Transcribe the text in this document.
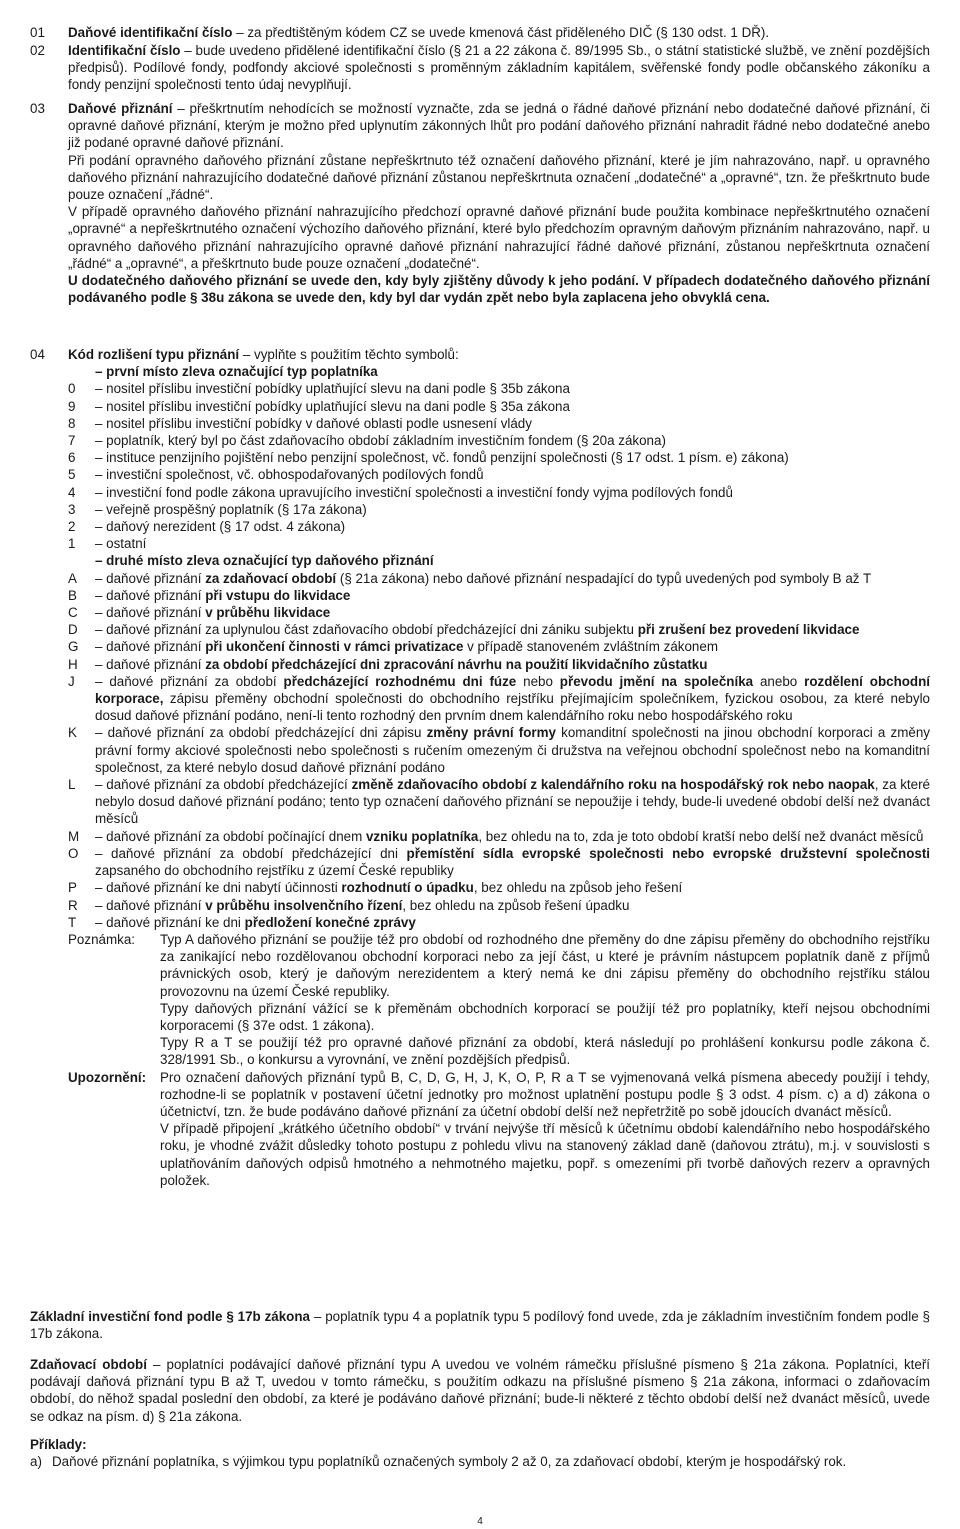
01	Daňové identifikační číslo – za předtištěným kódem CZ se uvede kmenová část přiděleného DIČ (§ 130 odst. 1 DŘ).

02	Identifikační číslo – bude uvedeno přidělené identifikační číslo (§ 21 a 22 zákona č. 89/1995 Sb., o státní statistické službě, ve znění pozdějších předpisů). Podílové fondy, podfondy akciové společnosti s proměnným základním kapitálem, svěřenské fondy podle občanského zákoníku a fondy penzijní společnosti tento údaj nevyplňují.

03	Daňové přiznání – přeškrtnutím nehodících se možností vyznačte, zda se jedná o řádné daňové přiznání nebo dodatečné daňové přiznání, či opravné daňové přiznání, kterým je možno před uplynutím zákonných lhůt pro podání daňového přiznání nahradit řádné nebo dodatečné anebo již podané opravné daňové přiznání.

Při podání opravného daňového přiznání zůstane nepřeškrtnuto též označení daňového přiznání, které je jím nahrazováno, např. u opravného daňového přiznání nahrazujícího dodatečné daňové přiznání zůstanou nepřeškrtnuta označení „dodatečné“ a „opravné“, tzn. že přeškrtnuto bude pouze označení „řádné“.

V případě opravného daňového přiznání nahrazujícího předchozí opravné daňové přiznání bude použita kombinace nepřeškrtnutého označení „opravné“ a nepřeškrtnutého označení výchozího daňového přiznání, které bylo předchozím opravným daňovým přiznáním nahrazováno, např. u opravného daňového přiznání nahrazujícího opravné daňové přiznání nahrazující řádné daňové přiznání, zůstanou nepřeškrtnuta označení „řádné“ a „opravné“, a přeškrtnuto bude pouze označení „dodatečné“.

U dodatečného daňového přiznání se uvede den, kdy byly zjištěny důvody k jeho podání. V případech dodatečného daňového přiznání podávaného podle § 38u zákona se uvede den, kdy byl dar vydán zpět nebo byla zaplacena jeho obvyklá cena.

04	Kód rozlišení typu přiznání – vyplňte s použitím těchto symbolů:

– první místo zleva označující typ poplatníka

0	– nositel příslibu investiční pobídky uplatňující slevu na dani podle § 35b zákona
9	– nositel příslibu investiční pobídky uplatňující slevu na dani podle § 35a zákona
8	– nositel příslibu investiční pobídky v daňové oblasti podle usnesení vlády
7	– poplatník, který byl po část zdaňovacího období základním investičním fondem (§ 20a zákona)
6	– instituce penzijního pojištění nebo penzijní společnost, vč. fondů penzijní společnosti (§ 17 odst. 1 písm. e) zákona)
5	– investiční společnost, vč. obhospodařovaných podílových fondů
4	– investiční fond podle zákona upravujícího investiční společnosti a investiční fondy vyjma podílových fondů
3	– veřejně prospěšný poplatník (§ 17a zákona)
2	– daňový nerezident (§ 17 odst. 4 zákona)
1	– ostatní

– druhé místo zleva označující typ daňového přiznání

A	– daňové přiznání za zdaňovací období (§ 21a zákona) nebo daňové přiznání nespadající do typů uvedených pod symboly B až T
B	– daňové přiznání při vstupu do likvidace
C	– daňové přiznání v průběhu likvidace
D	– daňové přiznání za uplynulou část zdaňovacího období předcházející dni zániku subjektu při zrušení bez provedení likvidace
G	– daňové přiznání při ukončení činnosti v rámci privatizace v případě stanoveném zvláštním zákonem
H	– daňové přiznání za období předcházející dni zpracování návrhu na použití likvidačního zůstatku
J	– daňové přiznání za období předcházející rozhodnému dni fúze nebo převodu jmění na společníka anebo rozdělení obchodní korporace, zápisu přeměny obchodní společnosti do obchodního rejstříku přejímajícím společníkem, fyzickou osobou, za které nebylo dosud daňové přiznání podáno, není-li tento rozhodný den prvním dnem kalendářního roku nebo hospodářského roku
K	– daňové přiznání za období předcházející dni zápisu změny právní formy komanditní společnosti na jinou obchodní korporaci a změny právní formy akciové společnosti nebo společnosti s ručením omezeným či družstva na veřejnou obchodní společnost nebo na komanditní společnost, za které nebylo dosud daňové přiznání podáno
L	– daňové přiznání za období předcházející změně zdaňovacího období z kalendářního roku na hospodářský rok nebo naopak, za které nebylo dosud daňové přiznání podáno; tento typ označení daňového přiznání se nepoužije i tehdy, bude-li uvedené období delší než dvanáct měsíců
M	– daňové přiznání za období počínající dnem vzniku poplatníka, bez ohledu na to, zda je toto období kratší nebo delší než dvanáct měsíců
O	– daňové přiznání za období předcházející dni přemístění sídla evropské společnosti nebo evropské družstevní společnosti zapsaného do obchodního rejstříku z území České republiky
P	– daňové přiznání ke dni nabytí účinnosti rozhodnutí o úpadku, bez ohledu na způsob jeho řešení
R	– daňové přiznání v průběhu insolvenčního řízení, bez ohledu na způsob řešení úpadku
T	– daňové přiznání ke dni předložení konečné zprávy
Poznámka: Typ A daňového přiznání se použije též pro období od rozhodného dne přeměny do dne zápisu přeměny do obchodního rejstříku za zanikající nebo rozdělovanou obchodní korporaci nebo za její část, u které je právním nástupcem poplatník daně z příjmů právnických osob, který je daňovým nerezidentem a který nemá ke dni zápisu přeměny do obchodního rejstříku stálou provozovnu na území České republiky.

Typy daňových přiznání vážící se k přeměnám obchodních korporací se použijí též pro poplatníky, kteří nejsou obchodními korporacemi (§ 37e odst. 1 zákona).

Typy R a T se použijí též pro opravné daňové přiznání za období, která následují po prohlášení konkursu podle zákona č. 328/1991 Sb., o konkursu a vyrovnání, ve znění pozdějších předpisů.

Upozornění: Pro označení daňových přiznání typů B, C, D, G, H, J, K, O, P, R a T se vyjmenovaná velká písmena abecedy použijí i tehdy, rozhodne-li se poplatník v postavení účetní jednotky pro možnost uplatnění postupu podle § 3 odst. 4 písm. c) a d) zákona o účetnictví, tzn. že bude podáváno daňové přiznání za účetní období delší než nepřetržitě po sobě jdoucích dvanáct měsíců.

V případě připojení „krátkého účetního období“ v trvání nejvýše tří měsíců k účetnímu období kalendářního nebo hospodářského roku, je vhodné zvážit důsledky tohoto postupu z pohledu vlivu na stanovený základ daně (daňovou ztrátu), m.j. v souvislosti s uplatňováním daňových odpisů hmotného a nehmotného majetku, popř. s omezeními při tvorbě daňových rezerv a opravných položek.

Základní investiční fond podle § 17b zákona – poplatník typu 4 a poplatník typu 5 podílový fond uvede, zda je základním investičním fondem podle § 17b zákona.

Zdaňovací období – poplatníci podávající daňové přiznání typu A uvedou ve volném rámečku příslušné písmeno § 21a zákona. Poplatníci, kteří podávají daňová přiznání typu B až T, uvedou v tomto rámečku, s použitím odkazu na příslušné písmeno § 21a zákona, informaci o zdaňovacím období, do něhož spadal poslední den období, za které je podáváno daňové přiznání; bude-li některé z těchto období delší než dvanáct měsíců, uvede se odkaz na písm. d) § 21a zákona.

Příklady:

a) Daňové přiznání poplatníka, s výjimkou typu poplatníků označených symboly 2 až 0, za zdaňovací období, kterým je hospodářský rok.
4
